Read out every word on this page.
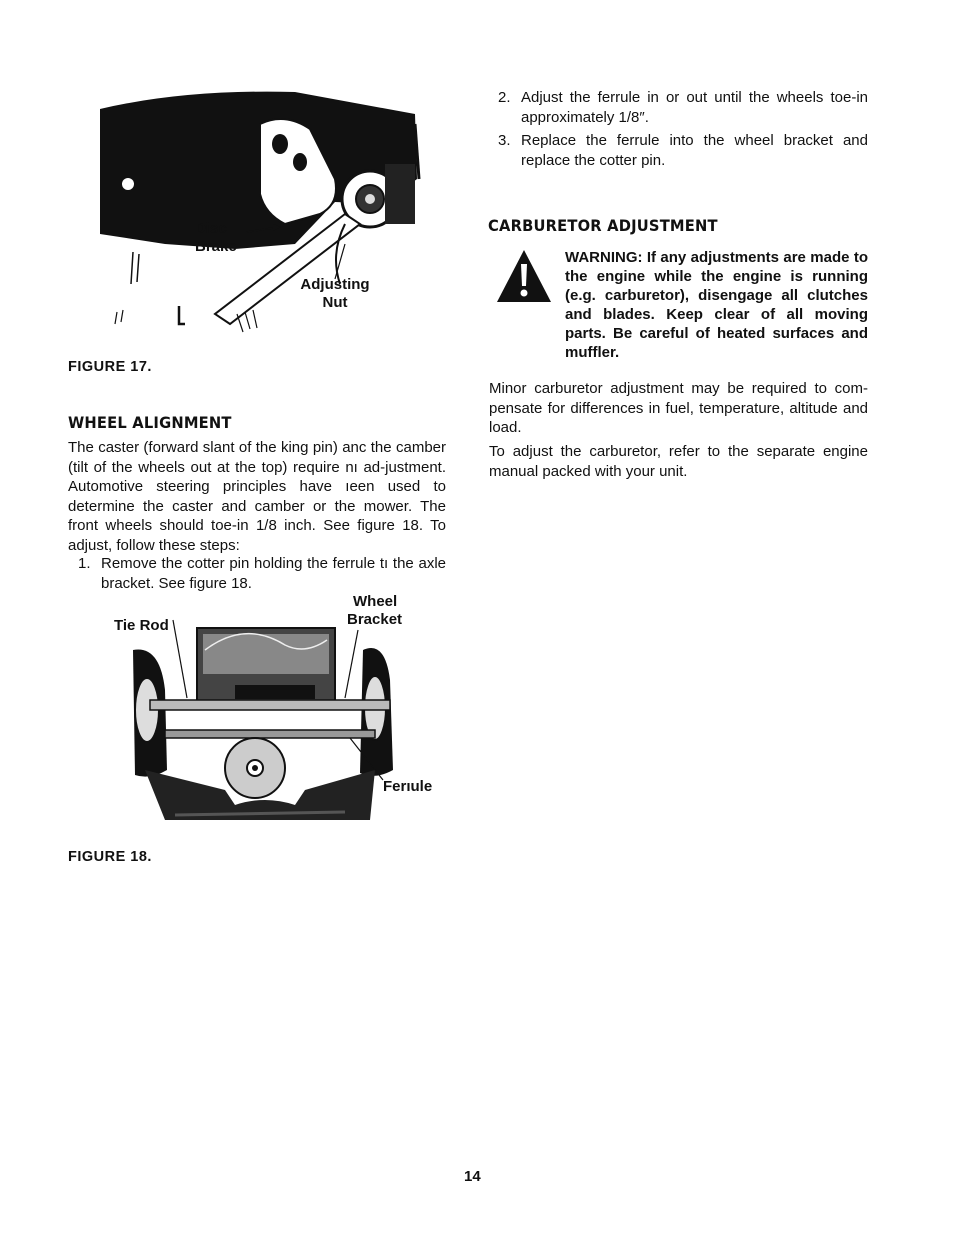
Disc
Brake
Adjusting
Nut
FIGURE 17.
WHEEL ALIGNMENT
The caster (forward slant of the king pin) anc the camber (tilt of the wheels out at the top) require nı ad-justment. Automotive steering principles have ıeen used to determine the caster and camber or the mower. The front wheels should toe-in 1/8 inch. See figure 18. To adjust, follow these steps:
1. Remove the cotter pin holding the ferrule tı the axle bracket. See figure 18.
Tie Rod
Wheel
Bracket
Ferıule
FIGURE 18.
2. Adjust the ferrule in or out until the wheels toe-in approximately 1/8″.
3. Replace the ferrule into the wheel bracket and replace the cotter pin.
CARBURETOR ADJUSTMENT
WARNING: If any adjustments are made to the engine while the engine is running (e.g. carburetor), disengage all clutches and blades. Keep clear of all moving parts. Be careful of heated surfaces and muffler.
Minor carburetor adjustment may be required to com-pensate for differences in fuel, temperature, altitude and load.
To adjust the carburetor, refer to the separate engine manual packed with your unit.
14
